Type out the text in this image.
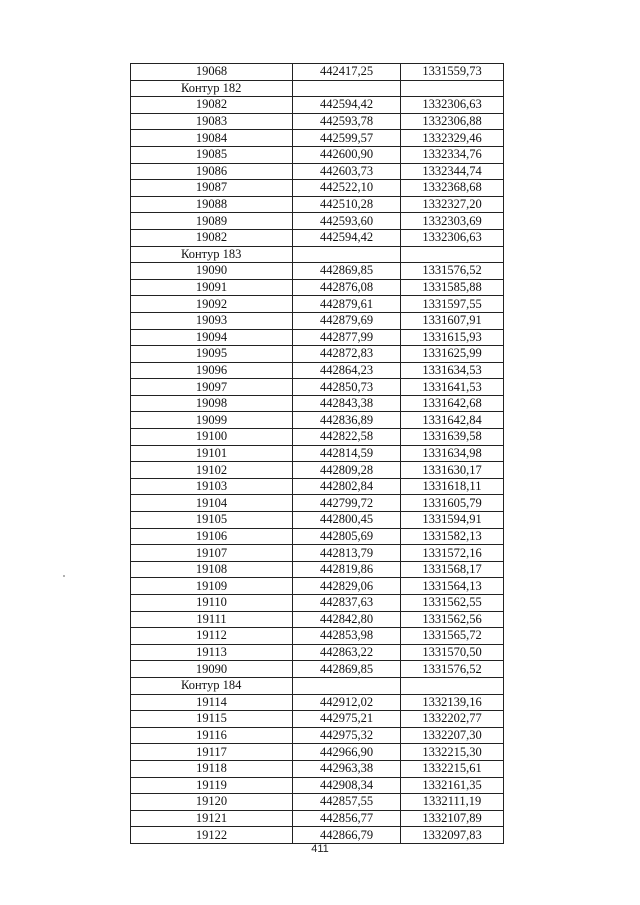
19068	442417,25	1331559,73
Контур 182		
19082	442594,42	1332306,63
19083	442593,78	1332306,88
19084	442599,57	1332329,46
19085	442600,90	1332334,76
19086	442603,73	1332344,74
19087	442522,10	1332368,68
19088	442510,28	1332327,20
19089	442593,60	1332303,69
19082	442594,42	1332306,63
Контур 183		
19090	442869,85	1331576,52
19091	442876,08	1331585,88
19092	442879,61	1331597,55
19093	442879,69	1331607,91
19094	442877,99	1331615,93
19095	442872,83	1331625,99
19096	442864,23	1331634,53
19097	442850,73	1331641,53
19098	442843,38	1331642,68
19099	442836,89	1331642,84
19100	442822,58	1331639,58
19101	442814,59	1331634,98
19102	442809,28	1331630,17
19103	442802,84	1331618,11
19104	442799,72	1331605,79
19105	442800,45	1331594,91
19106	442805,69	1331582,13
19107	442813,79	1331572,16
19108	442819,86	1331568,17
19109	442829,06	1331564,13
19110	442837,63	1331562,55
19111	442842,80	1331562,56
19112	442853,98	1331565,72
19113	442863,22	1331570,50
19090	442869,85	1331576,52
Контур 184		
19114	442912,02	1332139,16
19115	442975,21	1332202,77
19116	442975,32	1332207,30
19117	442966,90	1332215,30
19118	442963,38	1332215,61
19119	442908,34	1332161,35
19120	442857,55	1332111,19
19121	442856,77	1332107,89
19122	442866,79	1332097,83
411
